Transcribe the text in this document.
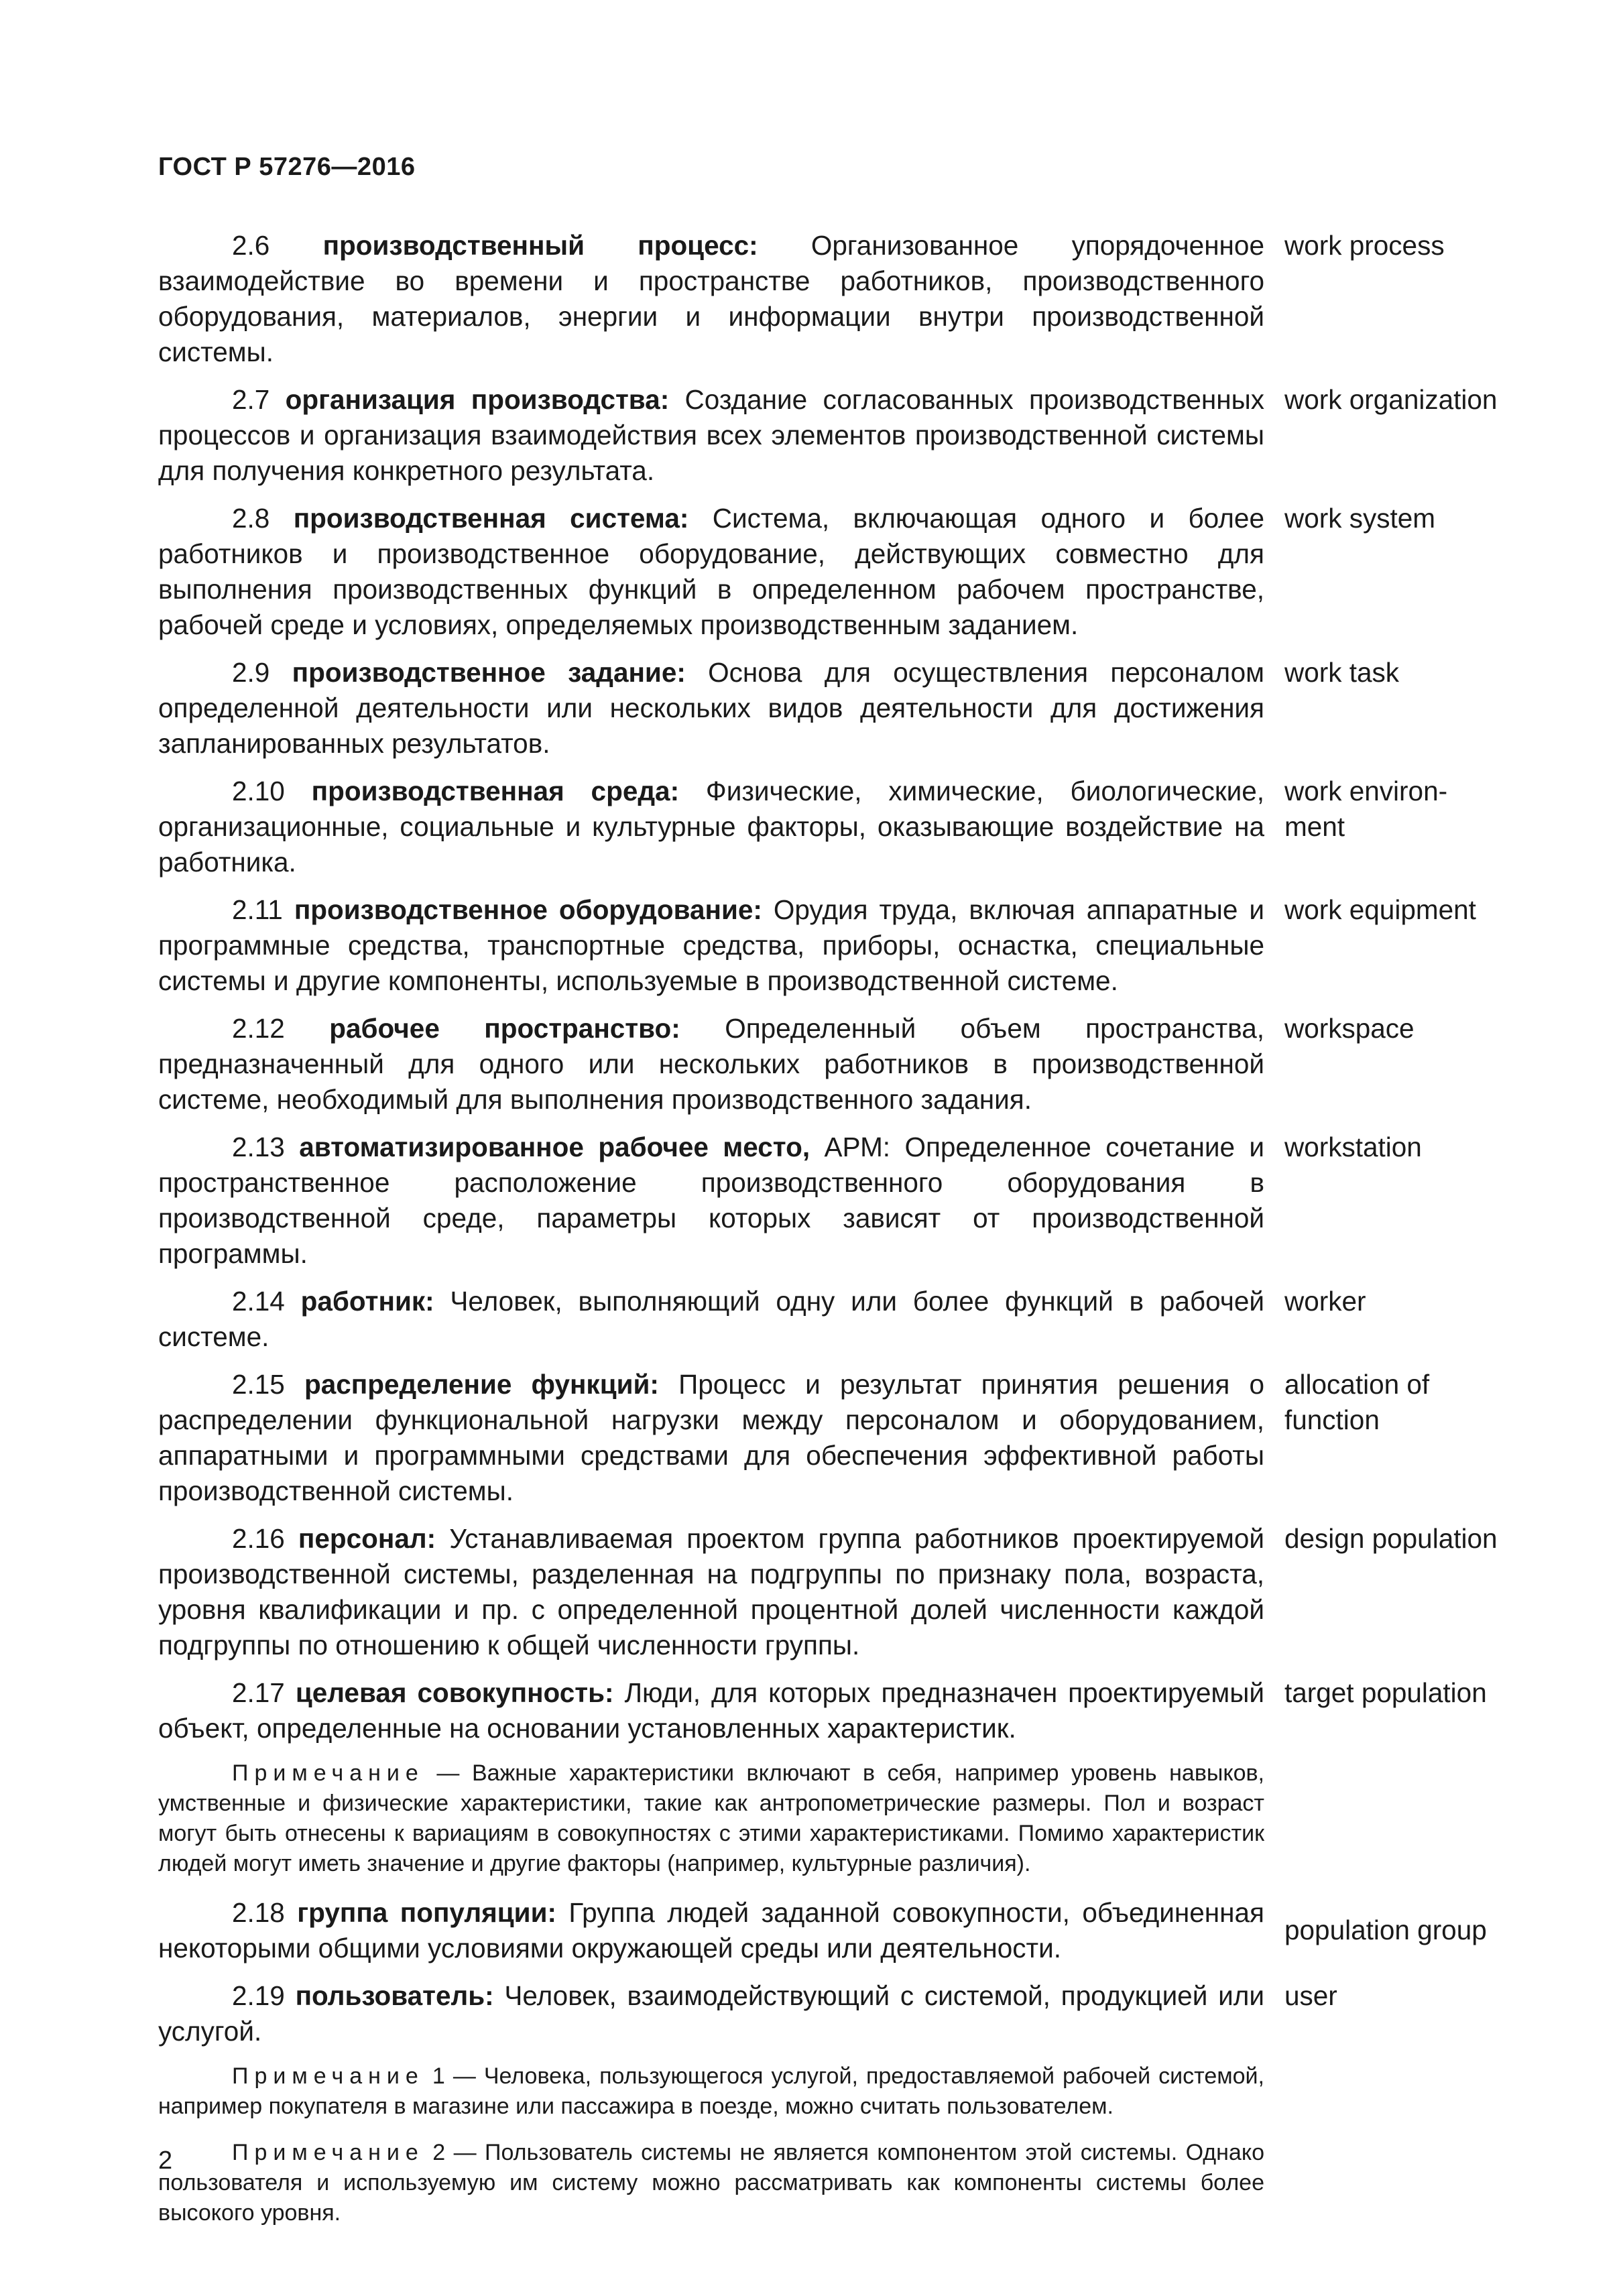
ГОСТ Р 57276—2016

2.6 производственный процесс: Организованное упорядоченное взаимодействие во времени и пространстве работников, производственного оборудования, материалов, энергии и информации внутри производственной системы.

work process

2.7 организация производства: Создание согласованных производственных процессов и организация взаимодействия всех элементов производственной системы для получения конкретного результата.

work organization

2.8 производственная система: Система, включающая одного и более работников и производственное оборудование, действующих совместно для выполнения производственных функций в определенном рабочем пространстве, рабочей среде и условиях, определяемых производственным заданием.

work system

2.9 производственное задание: Основа для осуществления персоналом определенной деятельности или нескольких видов деятельности для достижения запланированных результатов.

work task

2.10 производственная среда: Физические, химические, биологические, организационные, социальные и культурные факторы, оказывающие воздействие на работника.

work environ-
ment

2.11 производственное оборудование: Орудия труда, включая аппаратные и программные средства, транспортные средства, приборы, оснастка, специальные системы и другие компоненты, используемые в производственной системе.

work equipment

2.12 рабочее пространство: Определенный объем пространства, предназначенный для одного или нескольких работников в производственной системе, необходимый для выполнения производственного задания.

workspace

2.13 автоматизированное рабочее место, АРМ: Определенное сочетание и пространственное расположение производственного оборудования в производственной среде, параметры которых зависят от производственной программы.

workstation

2.14 работник: Человек, выполняющий одну или более функций в рабочей системе.

worker

2.15 распределение функций: Процесс и результат принятия решения о распределении функциональной нагрузки между персоналом и оборудованием, аппаратными и программными средствами для обеспечения эффективной работы производственной системы.

allocation of
function

2.16 персонал: Устанавливаемая проектом группа работников проектируемой производственной системы, разделенная на подгруппы по признаку пола, возраста, уровня квалификации и пр. с определенной процентной долей численности каждой подгруппы по отношению к общей численности группы.

design population

2.17 целевая совокупность: Люди, для которых предназначен проектируемый объект, определенные на основании установленных характеристик.

target population

Примечание — Важные характеристики включают в себя, например уровень навыков, умственные и физические характеристики, такие как антропометрические размеры. Пол и возраст могут быть отнесены к вариациям в совокупностях с этими характеристиками. Помимо характеристик людей могут иметь значение и другие факторы (например, культурные различия).

2.18 группа популяции: Группа людей заданной совокупности, объединенная некоторыми общими условиями окружающей среды или деятельности.

population group

2.19 пользователь: Человек, взаимодействующий с системой, продукцией или услугой.

user

Примечание 1 — Человека, пользующегося услугой, предоставляемой рабочей системой, например покупателя в магазине или пассажира в поезде, можно считать пользователем.

Примечание 2 — Пользователь системы не является компонентом этой системы. Однако пользователя и используемую им систему можно рассматривать как компоненты системы более высокого уровня.

2
